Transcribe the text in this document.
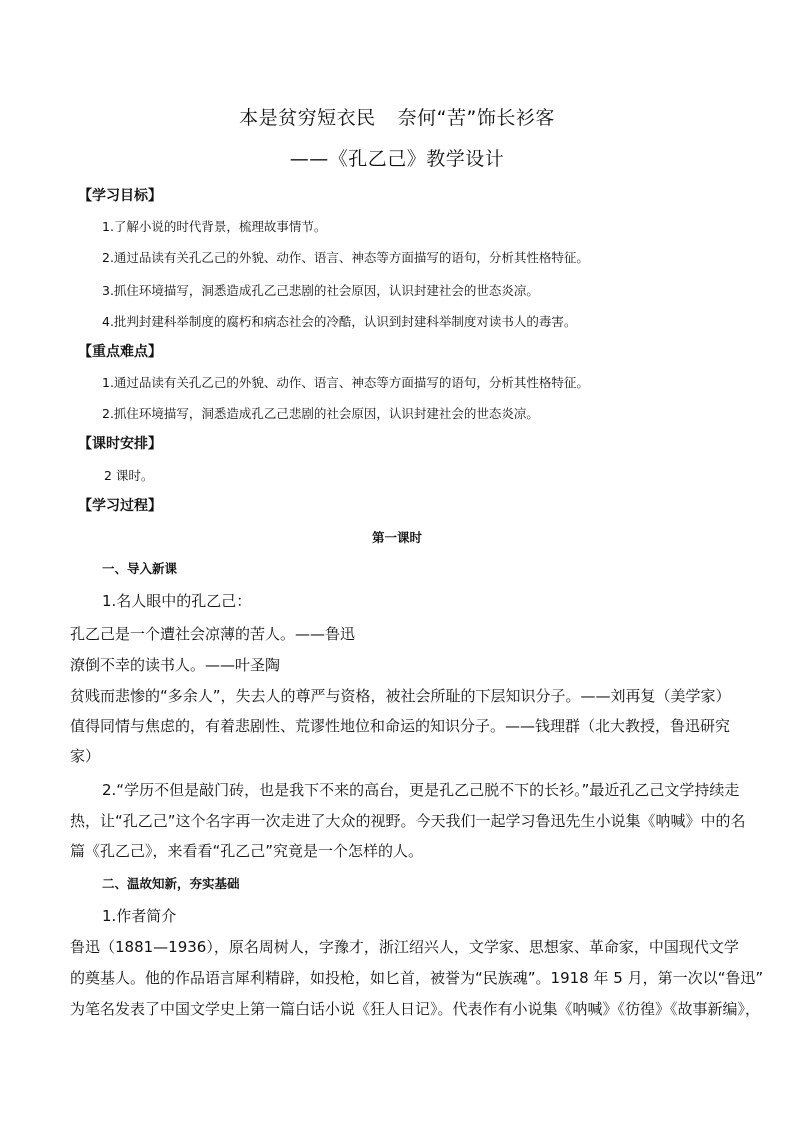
本是贫穷短衣民 奈何“苦”饰长衫客
——《孔乙己》教学设计
【学习目标】
1.了解小说的时代背景，梳理故事情节。
2.通过品读有关孔乙己的外貌、动作、语言、神态等方面描写的语句，分析其性格特征。
3.抓住环境描写，洞悉造成孔乙己悲剧的社会原因，认识封建社会的世态炎凉。
4.批判封建科举制度的腐朽和病态社会的冷酷，认识到封建科举制度对读书人的毒害。
【重点难点】
1.通过品读有关孔乙己的外貌、动作、语言、神态等方面描写的语句，分析其性格特征。
2.抓住环境描写，洞悉造成孔乙己悲剧的社会原因，认识封建社会的世态炎凉。
【课时安排】
2 课时。
【学习过程】
第一课时
一、导入新课
1.名人眼中的孔乙己：
孔乙己是一个遭社会凉薄的苦人。——鲁迅
潦倒不幸的读书人。——叶圣陶
贫贱而悲惨的“多余人”，失去人的尊严与资格，被社会所耻的下层知识分子。——刘再复（美学家）
值得同情与焦虑的，有着悲剧性、荒谬性地位和命运的知识分子。——钱理群（北大教授，鲁迅研究
家）
2.“学历不但是敲门砖，也是我下不来的高台，更是孔乙己脱不下的长衫。”最近孔乙己文学持续走
热，让“孔乙己”这个名字再一次走进了大众的视野。今天我们一起学习鲁迅先生小说集《呐喊》中的名
篇《孔乙己》，来看看“孔乙己”究竟是一个怎样的人。
二、温故知新，夯实基础
1.作者简介
鲁迅（1881—1936），原名周树人，字豫才，浙江绍兴人，文学家、思想家、革命家，中国现代文学
的奠基人。他的作品语言犀利精辟，如投枪，如匕首，被誉为“民族魂”。1918 年 5 月，第一次以“鲁迅”
为笔名发表了中国文学史上第一篇白话小说《狂人日记》。代表作有小说集《呐喊》《彷徨》《故事新编》，
